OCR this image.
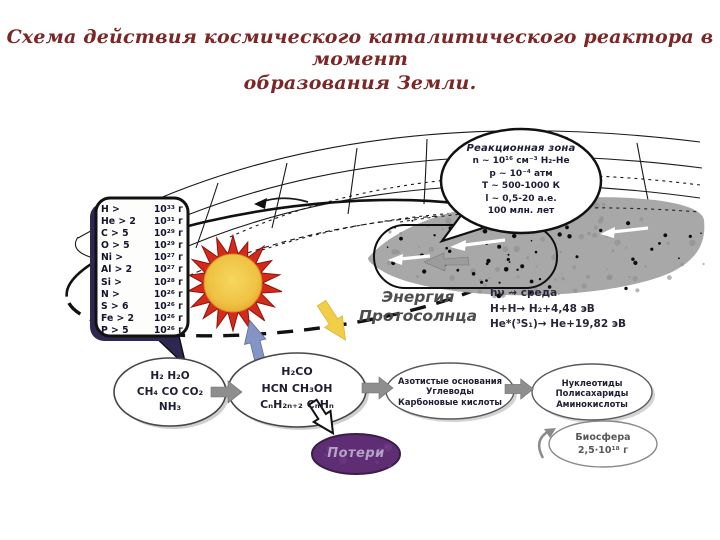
Схема действия космического каталитического реактора в момент
образования Земли.
Реакционная зона
n ~ 10¹⁶ см⁻³ H₂-He
p ~ 10⁻⁴ атм
Т ~ 500-1000 К
l ~ 0,5-20 а.е.
100 млн. лет
H >	10³³ г
He > 2 10³¹ г
C > 5	10²⁹ г
O > 5	10²⁹ г
Ni >	10²⁷ г
Al > 2 10²⁷ г
Si >	10²⁸ г
N >	10²⁶ г
S > 6	10²⁶ г
Fe > 2 10²⁶ г
P > 5	10²⁶ г
Энергия
Протосолнца
hν ⇝ среда
Н+Н→ Н₂+4,48 эВ
Не*(³S₁)→ Не+19,82 эВ
H₂ H₂O
CH₄ CO CO₂
NH₃
H₂CO
HCN CH₃OH
CₙH₂ₙ₊₂ CₙHₙ
Азотистые основания
Углеводы
Карбоновые кислоты
Нуклеотиды
Полисахариды
Аминокислоты
Биосфера
2,5·10¹⁸ г
Потери
